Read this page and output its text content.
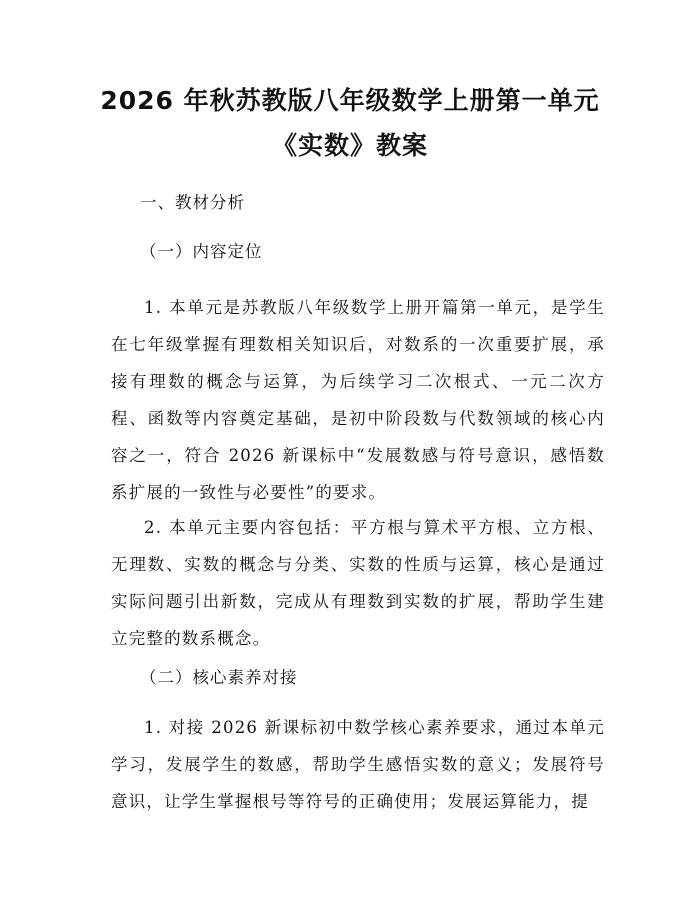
2026 年秋苏教版八年级数学上册第一单元
《实数》教案
一、教材分析
（一）内容定位
1. 本单元是苏教版八年级数学上册开篇第一单元，是学生在七年级掌握有理数相关知识后，对数系的一次重要扩展，承接有理数的概念与运算，为后续学习二次根式、一元二次方程、函数等内容奠定基础，是初中阶段数与代数领域的核心内容之一，符合 2026 新课标中“发展数感与符号意识，感悟数系扩展的一致性与必要性”的要求。
2. 本单元主要内容包括：平方根与算术平方根、立方根、无理数、实数的概念与分类、实数的性质与运算，核心是通过实际问题引出新数，完成从有理数到实数的扩展，帮助学生建立完整的数系概念。
（二）核心素养对接
1. 对接 2026 新课标初中数学核心素养要求，通过本单元学习，发展学生的数感，帮助学生感悟实数的意义；发展符号意识，让学生掌握根号等符号的正确使用；发展运算能力，提
